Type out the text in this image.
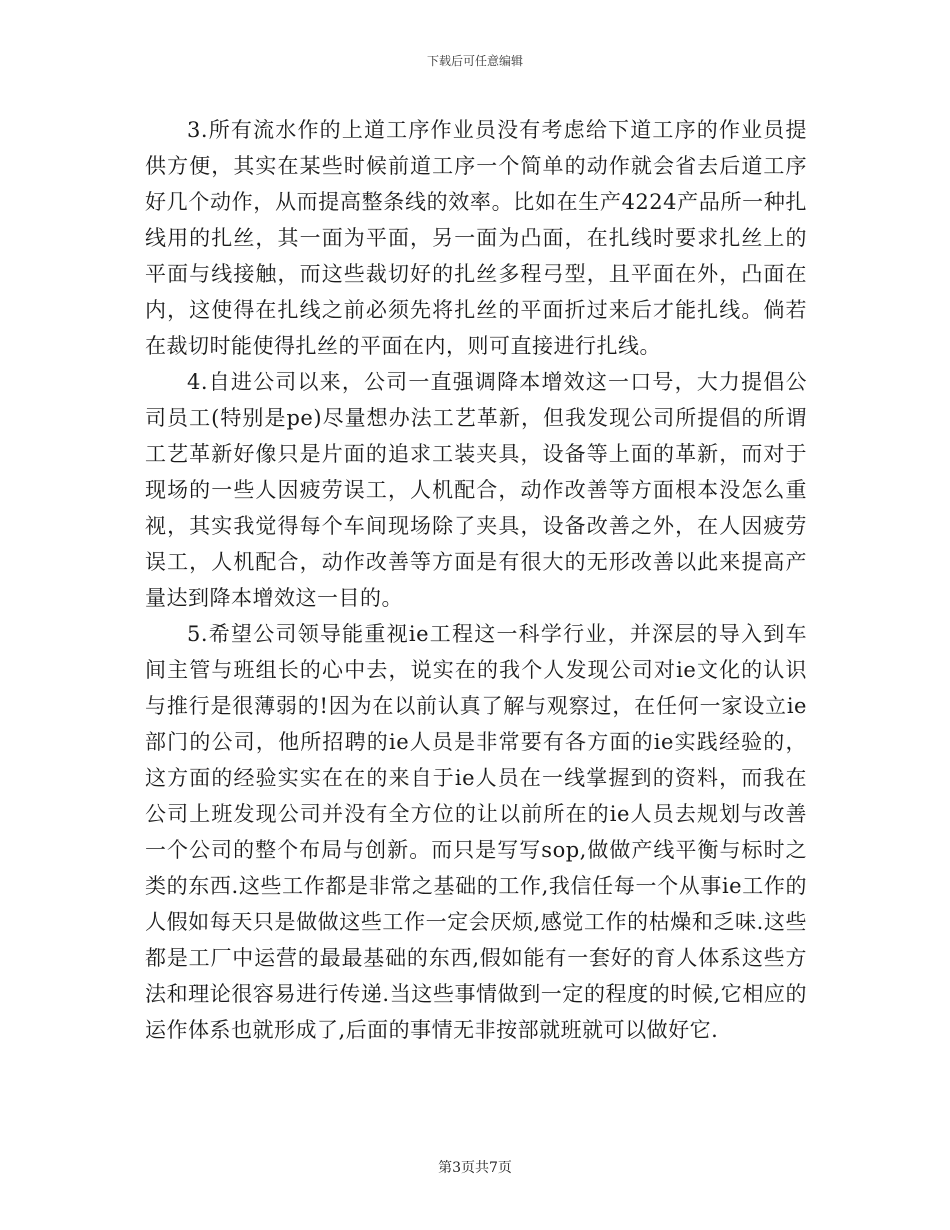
下载后可任意编辑

3.所有流水作的上道工序作业员没有考虑给下道工序的作业员提供方便，其实在某些时候前道工序一个简单的动作就会省去后道工序好几个动作，从而提高整条线的效率。比如在生产4224产品所一种扎线用的扎丝，其一面为平面，另一面为凸面，在扎线时要求扎丝上的平面与线接触，而这些裁切好的扎丝多程弓型，且平面在外，凸面在内，这使得在扎线之前必须先将扎丝的平面折过来后才能扎线。倘若在裁切时能使得扎丝的平面在内，则可直接进行扎线。

4.自进公司以来，公司一直强调降本增效这一口号，大力提倡公司员工(特别是pe)尽量想办法工艺革新，但我发现公司所提倡的所谓工艺革新好像只是片面的追求工装夹具，设备等上面的革新，而对于现场的一些人因疲劳误工，人机配合，动作改善等方面根本没怎么重视，其实我觉得每个车间现场除了夹具，设备改善之外，在人因疲劳误工，人机配合，动作改善等方面是有很大的无形改善以此来提高产量达到降本增效这一目的。

5.希望公司领导能重视ie工程这一科学行业，并深层的导入到车间主管与班组长的心中去，说实在的我个人发现公司对ie文化的认识与推行是很薄弱的!因为在以前认真了解与观察过，在任何一家设立ie部门的公司，他所招聘的ie人员是非常要有各方面的ie实践经验的，这方面的经验实实在在的来自于ie人员在一线掌握到的资料，而我在公司上班发现公司并没有全方位的让以前所在的ie人员去规划与改善一个公司的整个布局与创新。而只是写写sop,做做产线平衡与标时之类的东西.这些工作都是非常之基础的工作,我信任每一个从事ie工作的人假如每天只是做做这些工作一定会厌烦,感觉工作的枯燥和乏味.这些都是工厂中运营的最最基础的东西,假如能有一套好的育人体系这些方法和理论很容易进行传递.当这些事情做到一定的程度的时候,它相应的运作体系也就形成了,后面的事情无非按部就班就可以做好它.

第3页共7页
